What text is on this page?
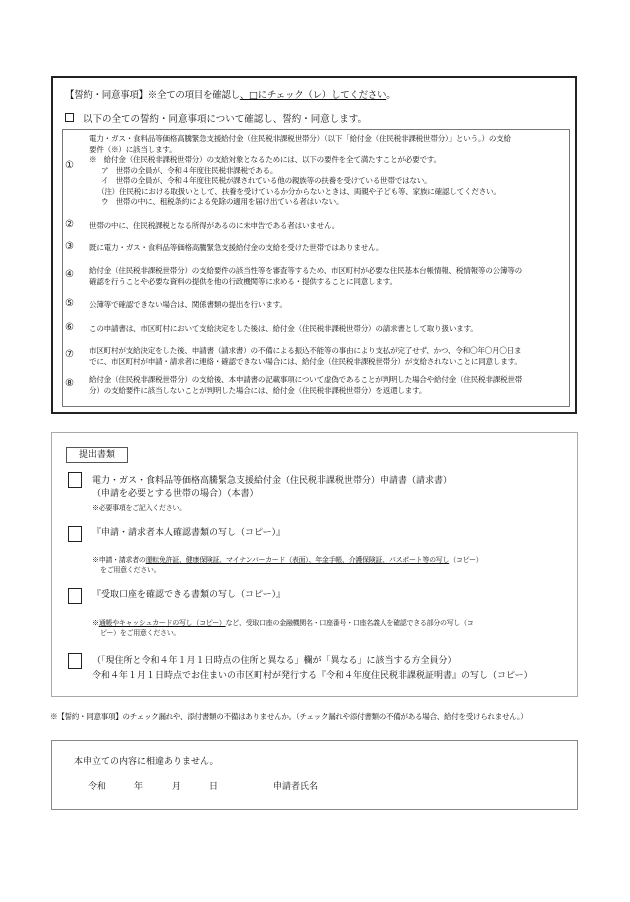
【誓約・同意事項】※全ての項目を確認し、□にチェック（レ）してください。
以下の全ての誓約・同意事項について確認し、誓約・同意します。
①
電力・ガス・食料品等価格高騰緊急支援給付金（住民税非課税世帯分）（以下「給付金（住民税非課税世帯分）」という。）の支給
要件（※）に該当します。
※　給付金（住民税非課税世帯分）の支給対象となるためには、以下の要件を全て満たすことが必要です。
ア　世帯の全員が、令和４年度住民税非課税である。
イ　世帯の全員が、令和４年度住民税が課されている他の親族等の扶養を受けている世帯ではない。
（注）住民税における取扱いとして、扶養を受けているか分からないときは、両親や子ども等、家族に確認してください。
ウ　世帯の中に、租税条約による免除の適用を届け出ている者はいない。
② 世帯の中に、住民税課税となる所得があるのに未申告である者はいません。
③ 既に電力・ガス・食料品等価格高騰緊急支援給付金の支給を受けた世帯ではありません。
④ 給付金（住民税非課税世帯分）の支給要件の該当性等を審査等するため、市区町村が必要な住民基本台帳情報、税情報等の公簿等の
確認を行うことや必要な資料の提供を他の行政機関等に求める・提供することに同意します。
⑤ 公簿等で確認できない場合は、関係書類の提出を行います。
⑥ この申請書は、市区町村において支給決定をした後は、給付金（住民税非課税世帯分）の請求書として取り扱います。
⑦ 市区町村が支給決定をした後、申請書（請求書）の不備による振込不能等の事由により支払が完了せず、かつ、令和〇年〇月〇日ま
でに、市区町村が申請・請求者に連絡・確認できない場合には、給付金（住民税非課税世帯分）が支給されないことに同意します。
⑧ 給付金（住民税非課税世帯分）の支給後、本申請書の記載事項について虚偽であることが判明した場合や給付金（住民税非課税世帯
分）の支給要件に該当しないことが判明した場合には、給付金（住民税非課税世帯分）を返還します。
提出書類
電力・ガス・食料品等価格高騰緊急支援給付金（住民税非課税世帯分）申請書（請求書）
（申請を必要とする世帯の場合）（本書）
※必要事項をご記入ください。
『申請・請求者本人確認書類の写し（コピー）』
※申請・請求者の運転免許証、健康保険証、マイナンバーカード（表面）、年金手帳、介護保険証、パスポート等の写し（コピー）
をご用意ください。
『受取口座を確認できる書類の写し（コピー）』
※通帳やキャッシュカードの写し（コピー）など、受取口座の金融機関名・口座番号・口座名義人を確認できる部分の写し（コ
ピー）をご用意ください。
（「現住所と令和４年１月１日時点の住所と異なる」欄が「異なる」に該当する方全員分）
令和４年１月１日時点でお住まいの市区町村が発行する『令和４年度住民税非課税証明書』の写し（コピー）
※【誓約・同意事項】のチェック漏れや、添付書類の不備はありませんか。（チェック漏れや添付書類の不備がある場合、給付を受けられません。）
本申立ての内容に相違ありません。
令和	年	月	日	申請者氏名
